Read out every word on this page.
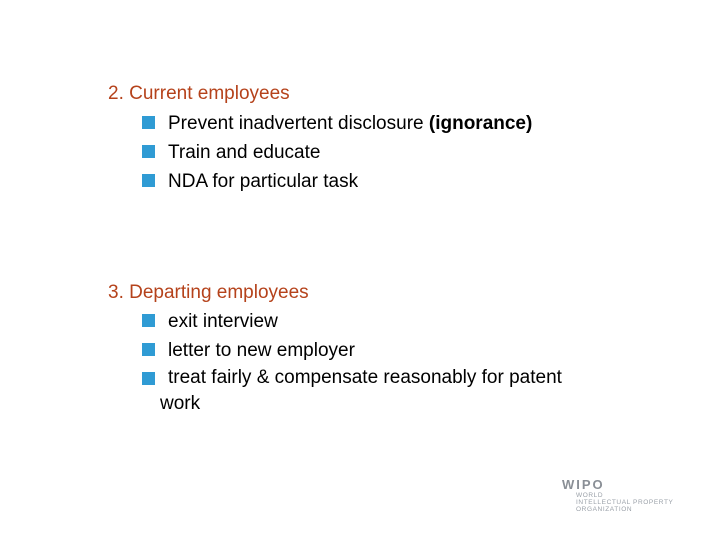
2. Current employees
Prevent inadvertent disclosure (ignorance)
Train and educate
NDA for particular task
3. Departing employees
exit interview
letter to new employer
treat fairly & compensate reasonably for patent
work
WIPO
WORLD
INTELLECTUAL PROPERTY
ORGANIZATION
